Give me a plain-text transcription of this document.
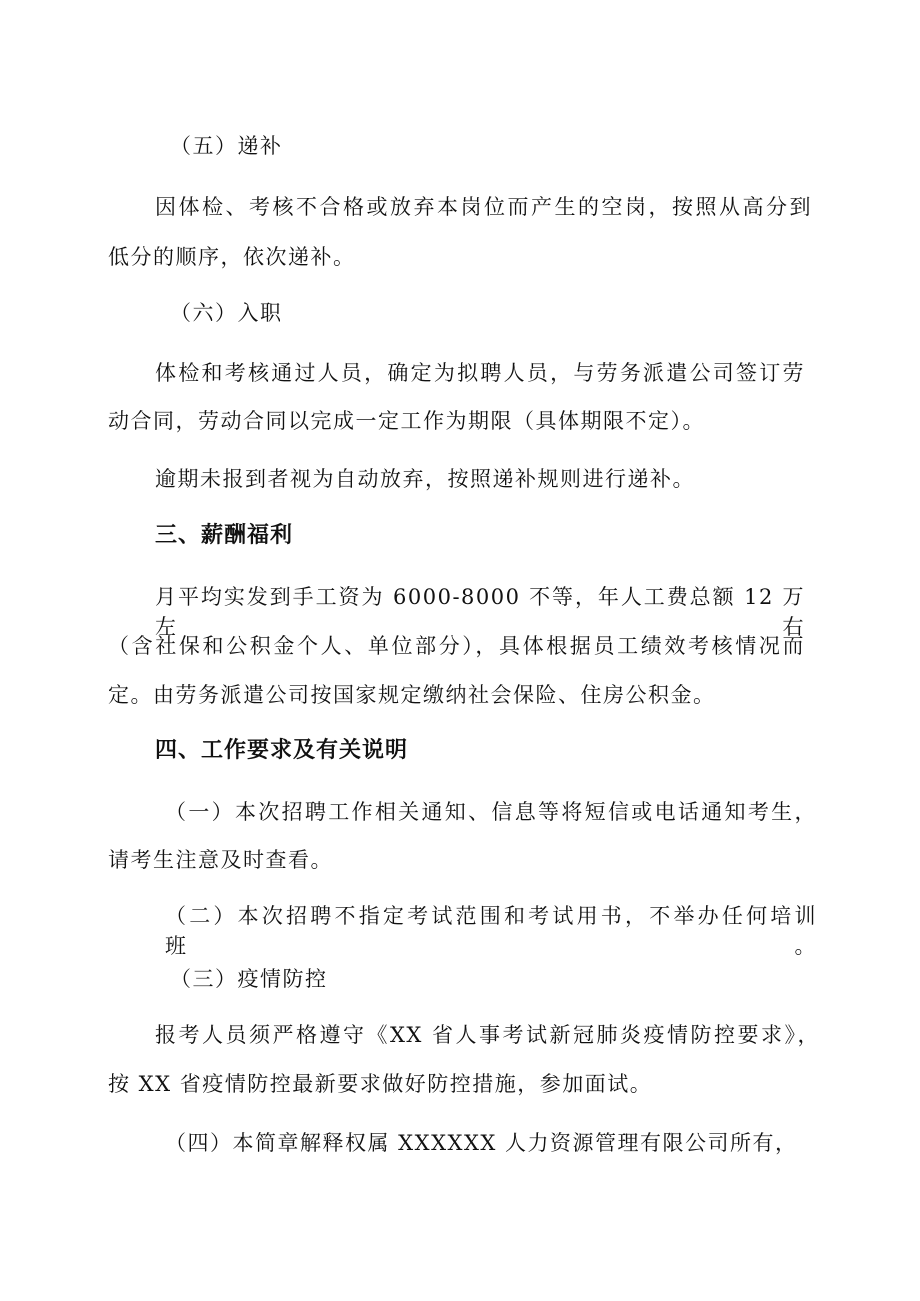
（五）递补
因体检、考核不合格或放弃本岗位而产生的空岗，按照从高分到
低分的顺序，依次递补。
（六）入职
体检和考核通过人员，确定为拟聘人员，与劳务派遣公司签订劳
动合同，劳动合同以完成一定工作为期限（具体期限不定）。
逾期未报到者视为自动放弃，按照递补规则进行递补。
三、薪酬福利
月平均实发到手工资为 6000-8000 不等，年人工费总额 12 万左右
（含社保和公积金个人、单位部分），具体根据员工绩效考核情况而
定。由劳务派遣公司按国家规定缴纳社会保险、住房公积金。
四、工作要求及有关说明
（一）本次招聘工作相关通知、信息等将短信或电话通知考生，
请考生注意及时查看。
（二）本次招聘不指定考试范围和考试用书，不举办任何培训班。
（三）疫情防控
报考人员须严格遵守《XX 省人事考试新冠肺炎疫情防控要求》，
按 XX 省疫情防控最新要求做好防控措施，参加面试。
（四）本简章解释权属 XXXXXX 人力资源管理有限公司所有，
